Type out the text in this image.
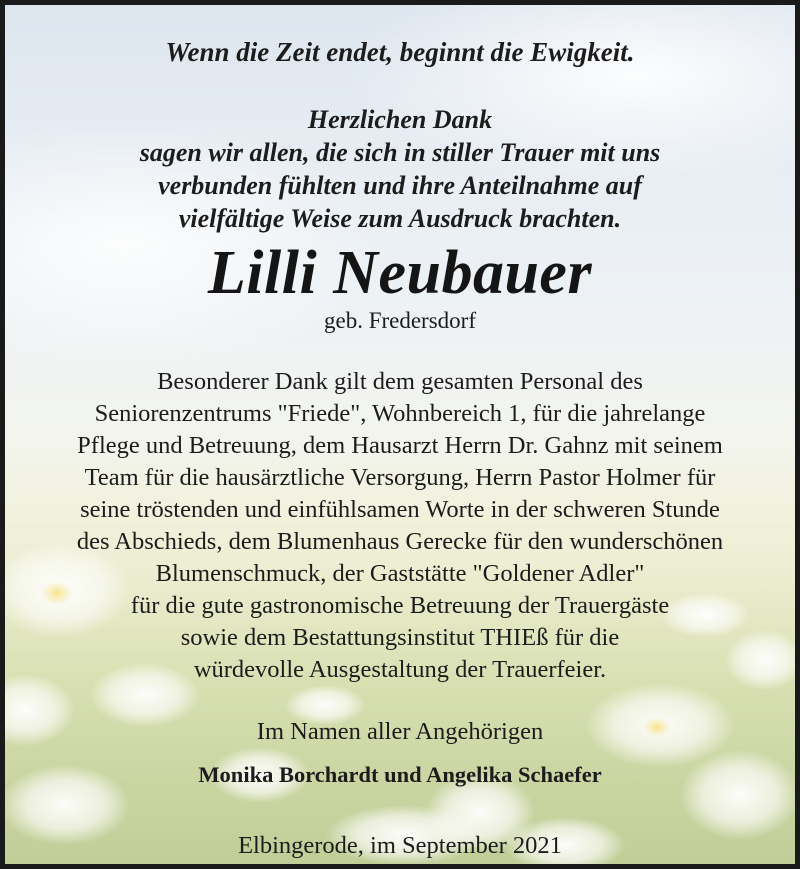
Wenn die Zeit endet, beginnt die Ewigkeit.
Herzlichen Dank
sagen wir allen, die sich in stiller Trauer mit uns
verbunden fühlten und ihre Anteilnahme auf
vielfältige Weise zum Ausdruck brachten.
Lilli Neubauer
geb. Fredersdorf
Besonderer Dank gilt dem gesamten Personal des
Seniorenzentrums "Friede", Wohnbereich 1, für die jahrelange
Pflege und Betreuung, dem Hausarzt Herrn Dr. Gahnz mit seinem
Team für die hausärztliche Versorgung, Herrn Pastor Holmer für
seine tröstenden und einfühlsamen Worte in der schweren Stunde
des Abschieds, dem Blumenhaus Gerecke für den wunderschönen
Blumenschmuck, der Gaststätte "Goldener Adler"
für die gute gastronomische Betreuung der Trauergäste
sowie dem Bestattungsinstitut THIEß für die
würdevolle Ausgestaltung der Trauerfeier.
Im Namen aller Angehörigen
Monika Borchardt und Angelika Schaefer
Elbingerode, im September 2021
